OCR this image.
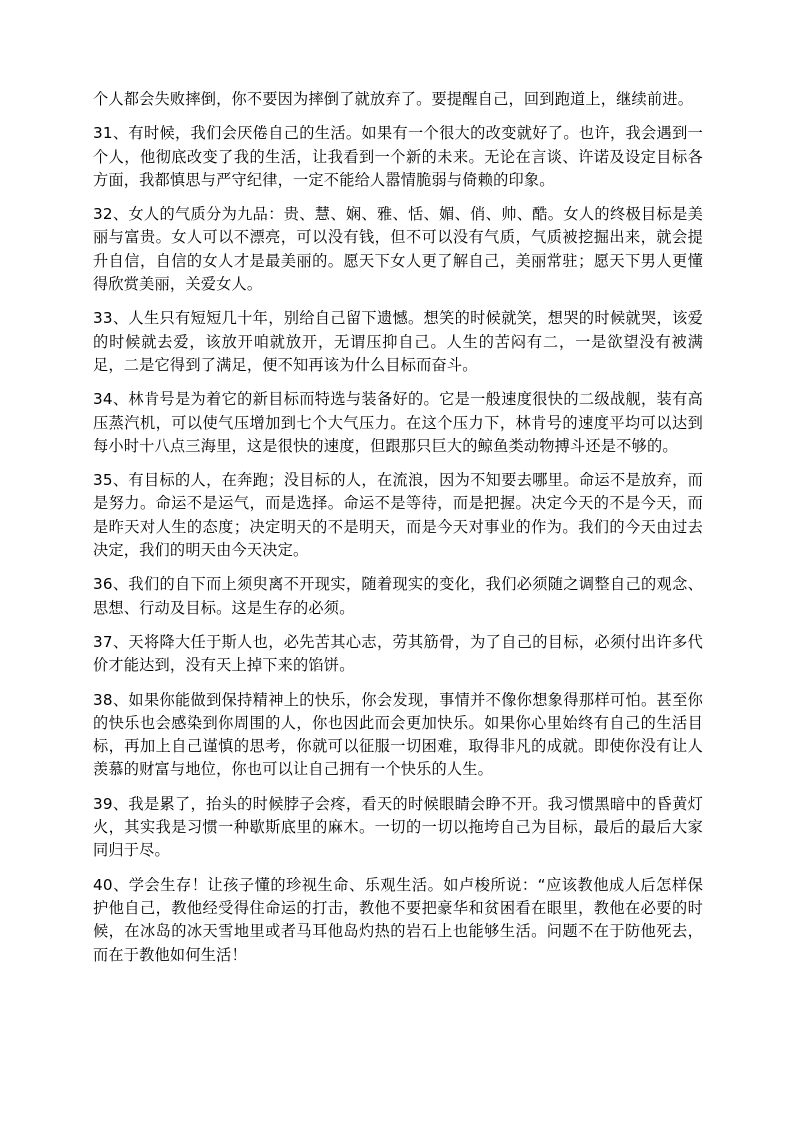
个人都会失败摔倒，你不要因为摔倒了就放弃了。要提醒自己，回到跑道上，继续前进。

31、有时候，我们会厌倦自己的生活。如果有一个很大的改变就好了。也许，我会遇到一个人，他彻底改变了我的生活，让我看到一个新的未来。无论在言谈、许诺及设定目标各方面，我都慎思与严守纪律，一定不能给人嚣情脆弱与倚赖的印象。

32、女人的气质分为九品：贵、慧、娴、雅、恬、媚、俏、帅、酷。女人的终极目标是美丽与富贵。女人可以不漂亮，可以没有钱，但不可以没有气质，气质被挖掘出来，就会提升自信，自信的女人才是最美丽的。愿天下女人更了解自己，美丽常驻；愿天下男人更懂得欣赏美丽，关爱女人。

33、人生只有短短几十年，别给自己留下遗憾。想笑的时候就笑，想哭的时候就哭，该爱的时候就去爱，该放开咱就放开，无谓压抑自己。人生的苦闷有二，一是欲望没有被满足，二是它得到了满足，便不知再该为什么目标而奋斗。

34、林肯号是为着它的新目标而特选与装备好的。它是一般速度很快的二级战舰，装有高压蒸汽机，可以使气压增加到七个大气压力。在这个压力下，林肯号的速度平均可以达到每小时十八点三海里，这是很快的速度，但跟那只巨大的鲸鱼类动物搏斗还是不够的。

35、有目标的人，在奔跑；没目标的人，在流浪，因为不知要去哪里。命运不是放弃，而是努力。命运不是运气，而是选择。命运不是等待，而是把握。决定今天的不是今天，而是昨天对人生的态度；决定明天的不是明天，而是今天对事业的作为。我们的今天由过去决定，我们的明天由今天决定。

36、我们的自下而上须臾离不开现实，随着现实的变化，我们必须随之调整自己的观念、思想、行动及目标。这是生存的必须。

37、天将降大任于斯人也，必先苦其心志，劳其筋骨，为了自己的目标，必须付出许多代价才能达到，没有天上掉下来的馅饼。

38、如果你能做到保持精神上的快乐，你会发现，事情并不像你想象得那样可怕。甚至你的快乐也会感染到你周围的人，你也因此而会更加快乐。如果你心里始终有自己的生活目标，再加上自己谨慎的思考，你就可以征服一切困难，取得非凡的成就。即使你没有让人羡慕的财富与地位，你也可以让自己拥有一个快乐的人生。

39、我是累了，抬头的时候脖子会疼，看天的时候眼睛会睁不开。我习惯黑暗中的昏黄灯火，其实我是习惯一种歇斯底里的麻木。一切的一切以拖垮自己为目标，最后的最后大家同归于尽。

40、学会生存！让孩子懂的珍视生命、乐观生活。如卢梭所说：“应该教他成人后怎样保护他自己，教他经受得住命运的打击，教他不要把豪华和贫困看在眼里，教他在必要的时候，在冰岛的冰天雪地里或者马耳他岛灼热的岩石上也能够生活。问题不在于防他死去，而在于教他如何生活！
